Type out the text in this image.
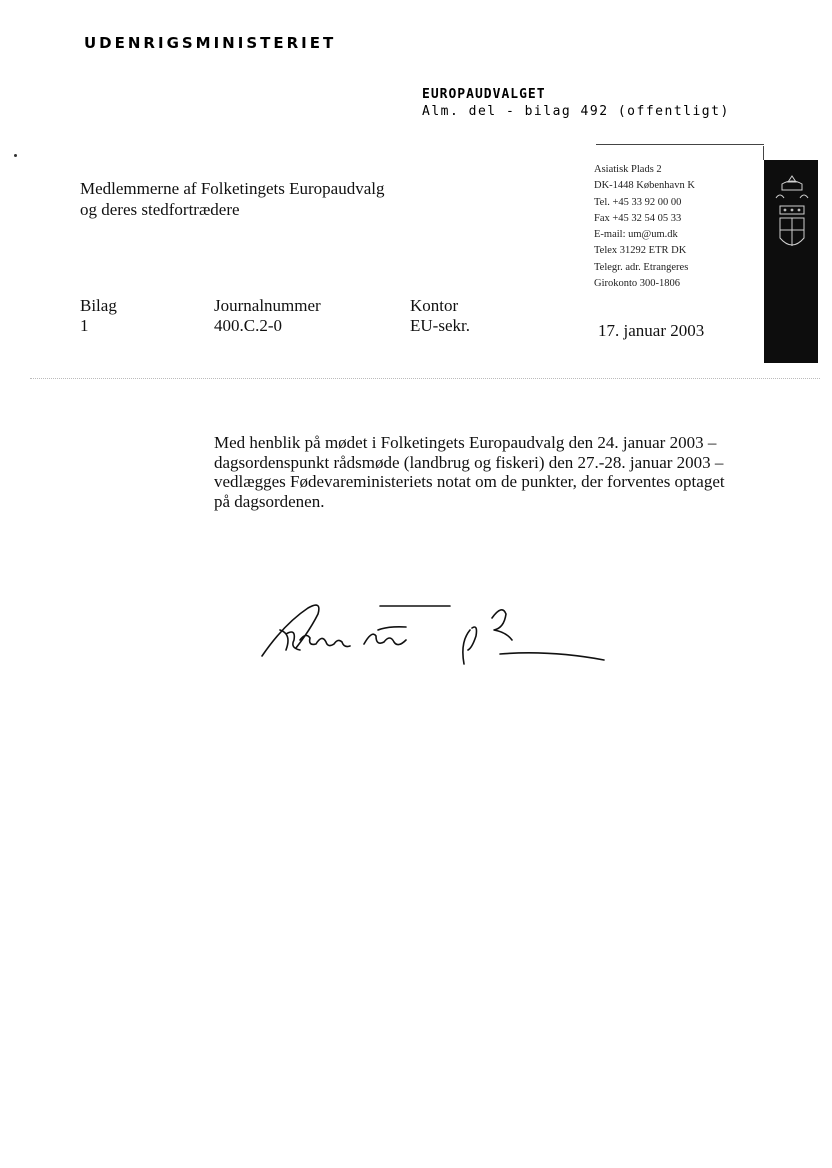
UDENRIGSMINISTERIET
EUROPAUDVALGET
Alm. del - bilag 492 (offentligt)
Medlemmerne af Folketingets Europaudvalg
og deres stedfortrædere
Asiatisk Plads 2
DK-1448 København K
Tel. +45 33 92 00 00
Fax +45 32 54 05 33
E-mail: um@um.dk
Telex 31292 ETR DK
Telegr. adr. Etrangeres
Girokonto 300-1806
Bilag
1
Journalnummer
400.C.2-0
Kontor
EU-sekr.	17. januar 2003
Med henblik på mødet i Folketingets Europaudvalg den 24. januar 2003 –
dagsordenspunkt rådsmøde (landbrug og fiskeri) den 27.-28. januar 2003 –
vedlægges Fødevareministeriets notat om de punkter, der forventes optaget
på dagsordenen.
